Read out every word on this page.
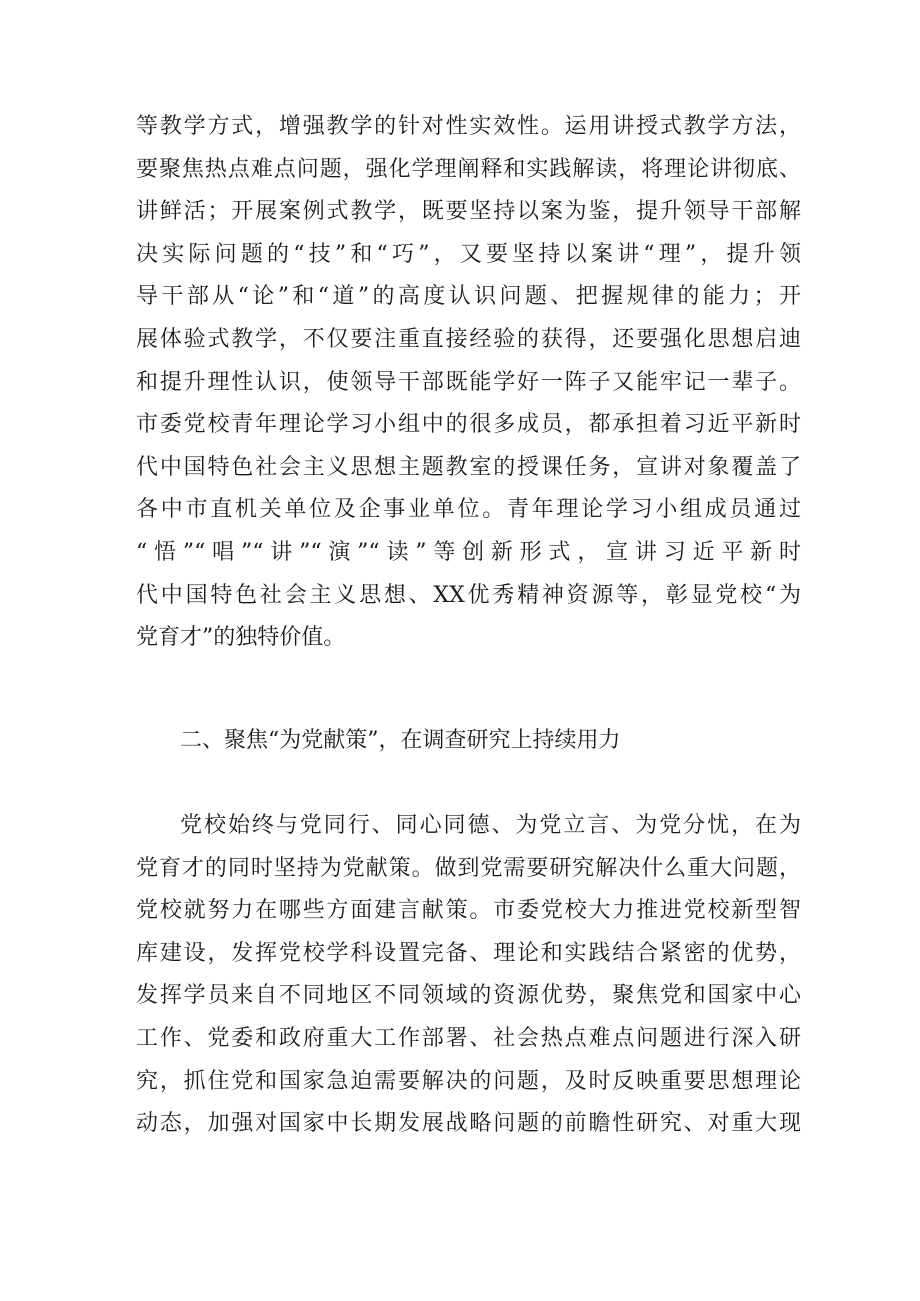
等教学方式，增强教学的针对性实效性。运用讲授式教学方法，
要聚焦热点难点问题，强化学理阐释和实践解读，将理论讲彻底、
讲鲜活；开展案例式教学，既要坚持以案为鉴，提升领导干部解
决实际问题的“技”和“巧”，又要坚持以案讲“理”，提升领
导干部从“论”和“道”的高度认识问题、把握规律的能力；开
展体验式教学，不仅要注重直接经验的获得，还要强化思想启迪
和提升理性认识，使领导干部既能学好一阵子又能牢记一辈子。
市委党校青年理论学习小组中的很多成员，都承担着习近平新时
代中国特色社会主义思想主题教室的授课任务，宣讲对象覆盖了
各中市直机关单位及企事业单位。青年理论学习小组成员通过
“悟”“唱”“讲”“演”“读”等创新形式，宣讲习近平新时
代中国特色社会主义思想、XX优秀精神资源等，彰显党校“为
党育才”的独特价值。
二、聚焦“为党献策”，在调查研究上持续用力
党校始终与党同行、同心同德、为党立言、为党分忧，在为
党育才的同时坚持为党献策。做到党需要研究解决什么重大问题，
党校就努力在哪些方面建言献策。市委党校大力推进党校新型智
库建设，发挥党校学科设置完备、理论和实践结合紧密的优势，
发挥学员来自不同地区不同领域的资源优势，聚焦党和国家中心
工作、党委和政府重大工作部署、社会热点难点问题进行深入研
究，抓住党和国家急迫需要解决的问题，及时反映重要思想理论
动态，加强对国家中长期发展战略问题的前瞻性研究、对重大现
